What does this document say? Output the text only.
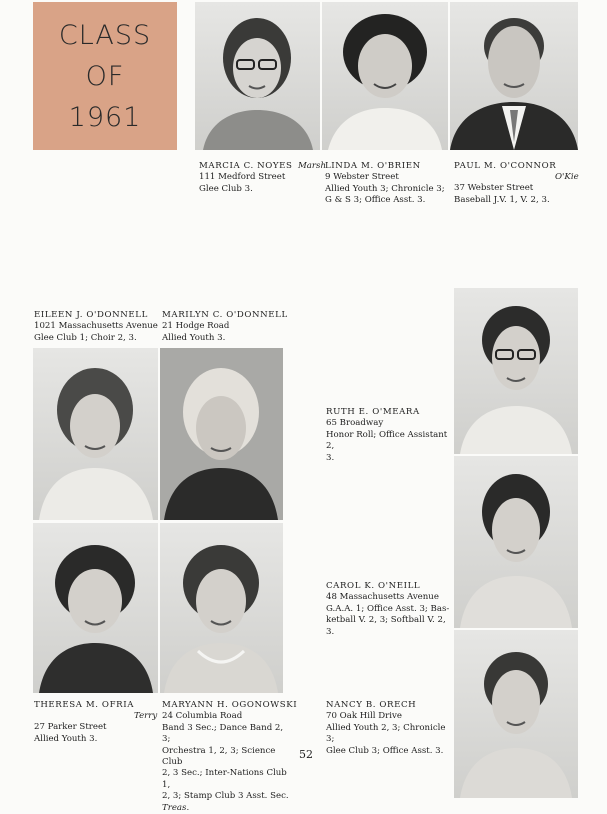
CLASS
OF
1961
MARCIA C. NOYES
111 Medford Street
Glee Club 3.
Marsh LINDA M. O'BRIEN
9 Webster Street
Allied Youth 3; Chronicle 3;
G & S 3; Office Asst. 3.
PAUL M. O'CONNOR
37 Webster Street
Baseball J.V. 1, V. 2, 3.
O'Kie
EILEEN J. O'DONNELL
1021 Massachusetts Avenue
Glee Club 1; Choir 2, 3.
MARILYN C. O'DONNELL
21 Hodge Road
Allied Youth 3.
THERESA M. OFRIA
27 Parker Street
Allied Youth 3.
Terry
MARYANN H. OGONOWSKI
24 Columbia Road
Band 3 Sec.; Dance Band 2, 3;
Orchestra 1, 2, 3; Science Club
2, 3 Sec.; Inter-Nations Club 1,
2, 3; Stamp Club 3 Asst. Sec.
Treas.
RUTH E. O'MEARA
65 Broadway
Honor Roll; Office Assistant 2,
3.
CAROL K. O'NEILL
48 Massachusetts Avenue
G.A.A. 1; Office Asst. 3; Bas-
ketball V. 2, 3; Softball V. 2, 3.
NANCY B. ORECH
70 Oak Hill Drive
Allied Youth 2, 3; Chronicle 3;
Glee Club 3; Office Asst. 3.
52
